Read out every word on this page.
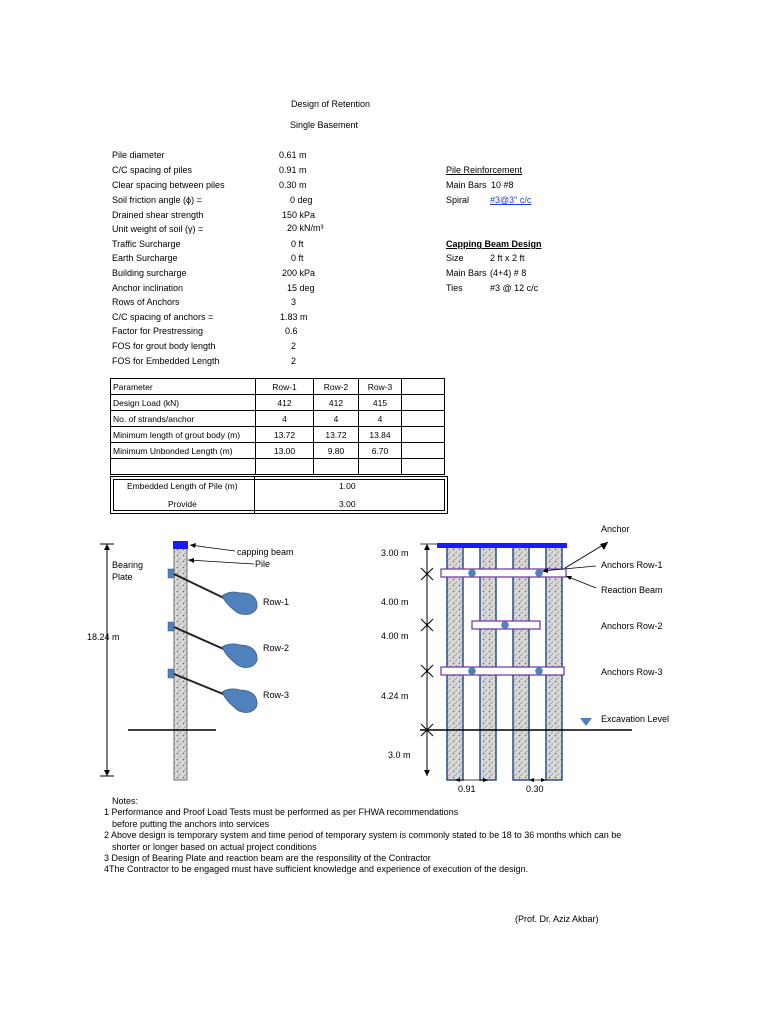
Design of Retention
Single Basement
Pile diameter	0.61 m
C/C spacing of piles	0.91 m
Clear spacing between piles	0.30 m
Soil friction angle (ϕ) =	0 deg
Drained shear strength	150 kPa
Unit weight of soil (γ) =	20 kN/m³
Traffic Surcharge	0 ft
Earth Surcharge	0 ft
Building surcharge	200 kPa
Anchor inclination	15 deg
Rows of Anchors	3
C/C spacing of anchors =	1.83 m
Factor for Prestressing	0.6
FOS for grout body length	2
FOS for Embedded Length	2
Pile Reinforcement
Main Bars 10 #8
Spiral #3@3" c/c
Capping Beam Design
Size	2 ft x 2 ft
Main Bars (4+4) # 8
Ties	#3 @ 12 c/c
Parameter	Row-1	Row-2	Row-3	
Design Load (kN)	412	412	415	
No. of strands/anchor	4	4	4	
Minimum length of grout body (m)	13.72	13.72	13.84	
Minimum Unbonded Length (m)	13.00	9.80	6.70	

Embedded Length of Pile (m)	1.00
Provide	3.00
Bearing
Plate
capping beam
Pile
Row-1
Row-2
Row-3
18.24 m
Anchor
Anchors Row-1
Reaction Beam
Anchors Row-2
Anchors Row-3
Excavation Level
3.00 m
4.00 m
4.00 m
4.24 m
3.0 m
0.91	0.30
Notes:
1 Performance and Proof Load Tests must be performed as per FHWA recommendations
before putting the anchors into services
2 Above design is temporary system and time period of temporary system is commonly stated to be 18 to 36 months which can be
shorter or longer based on actual project conditions
3 Design of Bearing Plate and reaction beam are the responsility of the Contractor
4The Contractor to be engaged must have sufficient knowledge and experience of execution of the design.
(Prof. Dr. Aziz Akbar)
